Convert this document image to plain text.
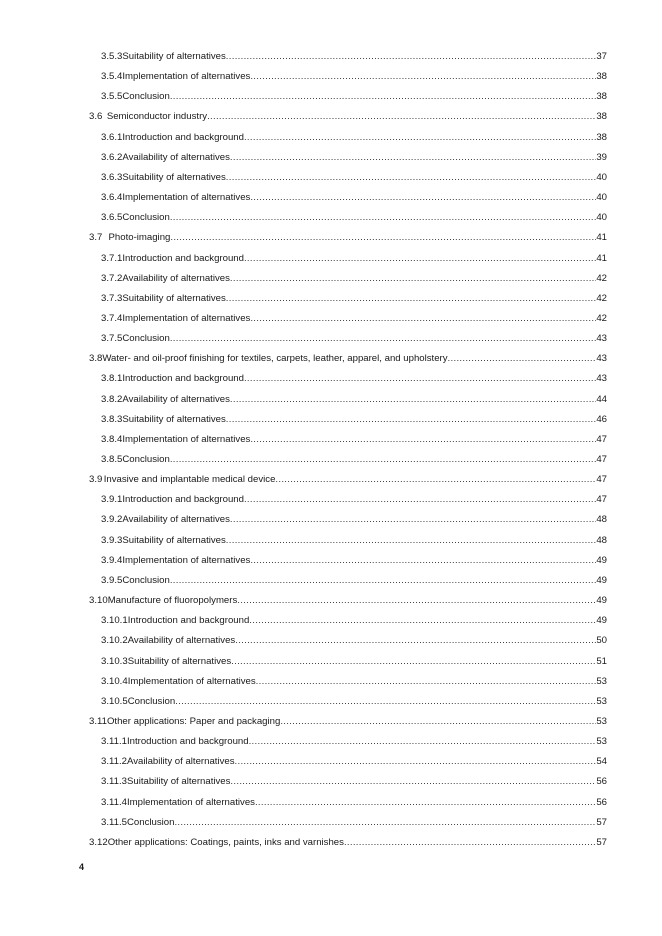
3.5.3 Suitability of alternatives .....	37
3.5.4 Implementation of alternatives .....	38
3.5.5 Conclusion .....	38
3.6 Semiconductor industry .....	38
3.6.1 Introduction and background .....	38
3.6.2 Availability of alternatives .....	39
3.6.3 Suitability of alternatives .....	40
3.6.4 Implementation of alternatives .....	40
3.6.5 Conclusion .....	40
3.7 Photo-imaging .....	41
3.7.1 Introduction and background .....	41
3.7.2 Availability of alternatives .....	42
3.7.3 Suitability of alternatives .....	42
3.7.4 Implementation of alternatives .....	42
3.7.5 Conclusion .....	43
3.8 Water- and oil-proof finishing for textiles, carpets, leather, apparel, and upholstery .....	43
3.8.1 Introduction and background .....	43
3.8.2 Availability of alternatives .....	44
3.8.3 Suitability of alternatives .....	46
3.8.4 Implementation of alternatives .....	47
3.8.5 Conclusion .....	47
3.9 Invasive and implantable medical device .....	47
3.9.1 Introduction and background .....	47
3.9.2 Availability of alternatives .....	48
3.9.3 Suitability of alternatives .....	48
3.9.4 Implementation of alternatives .....	49
3.9.5 Conclusion .....	49
3.10 Manufacture of fluoropolymers .....	49
3.10.1 Introduction and background .....	49
3.10.2 Availability of alternatives .....	50
3.10.3 Suitability of alternatives .....	51
3.10.4 Implementation of alternatives .....	53
3.10.5 Conclusion .....	53
3.11 Other applications: Paper and packaging .....	53
3.11.1 Introduction and background .....	53
3.11.2 Availability of alternatives .....	54
3.11.3 Suitability of alternatives .....	56
3.11.4 Implementation of alternatives .....	56
3.11.5 Conclusion .....	57
3.12 Other applications: Coatings, paints, inks and varnishes .....	57
4
